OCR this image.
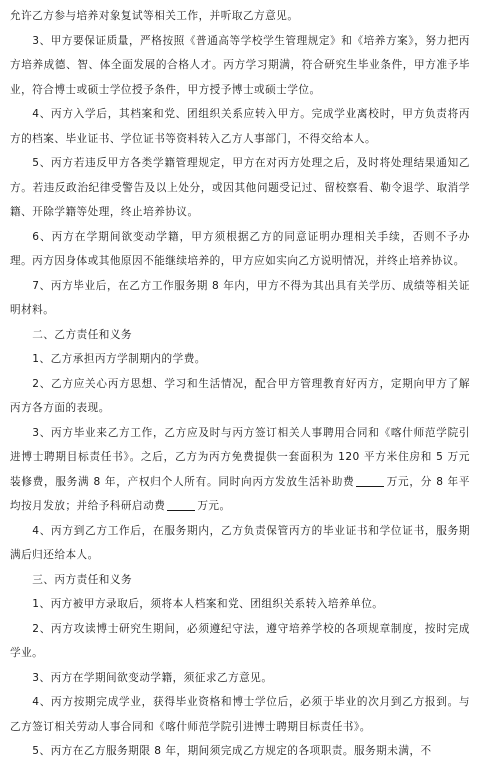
允许乙方参与培养对象复试等相关工作，并听取乙方意见。

3、甲方要保证质量，严格按照《普通高等学校学生管理规定》和《培养方案》，努力把丙方培养成德、智、体全面发展的合格人才。丙方学习期满，符合研究生毕业条件，甲方准予毕业，符合博士或硕士学位授予条件，甲方授予博士或硕士学位。

4、丙方入学后，其档案和党、团组织关系应转入甲方。完成学业离校时，甲方负责将丙方的档案、毕业证书、学位证书等资料转入乙方人事部门，不得交给本人。

5、丙方若违反甲方各类学籍管理规定，甲方在对丙方处理之后，及时将处理结果通知乙方。若违反政治纪律受警告及以上处分，或因其他问题受记过、留校察看、勒令退学、取消学籍、开除学籍等处理，终止培养协议。

6、丙方在学期间欲变动学籍，甲方须根据乙方的同意证明办理相关手续，否则不予办理。丙方因身体或其他原因不能继续培养的，甲方应如实向乙方说明情况，并终止培养协议。

7、丙方毕业后，在乙方工作服务期 8 年内，甲方不得为其出具有关学历、成绩等相关证明材料。

二、乙方责任和义务

1、乙方承担丙方学制期内的学费。

2、乙方应关心丙方思想、学习和生活情况，配合甲方管理教育好丙方，定期向甲方了解丙方各方面的表现。

3、丙方毕业来乙方工作，乙方应及时与丙方签订相关人事聘用合同和《喀什师范学院引进博士聘期目标责任书》。之后，乙方为丙方免费提供一套面积为 120 平方米住房和 5 万元装修费，服务满 8 年，产权归个人所有。同时向丙方发放生活补助费	万元，分 8 年平均按月发放；并给予科研启动费	万元。

4、丙方到乙方工作后，在服务期内，乙方负责保管丙方的毕业证书和学位证书，服务期满后归还给本人。

三、丙方责任和义务

1、丙方被甲方录取后，须将本人档案和党、团组织关系转入培养单位。

2、丙方攻读博士研究生期间，必须遵纪守法，遵守培养学校的各项规章制度，按时完成学业。

3、丙方在学期间欲变动学籍，须征求乙方意见。

4、丙方按期完成学业，获得毕业资格和博士学位后，必须于毕业的次月到乙方报到。与乙方签订相关劳动人事合同和《喀什师范学院引进博士聘期目标责任书》。

5、丙方在乙方服务期限 8 年，期间须完成乙方规定的各项职责。服务期未满，不
